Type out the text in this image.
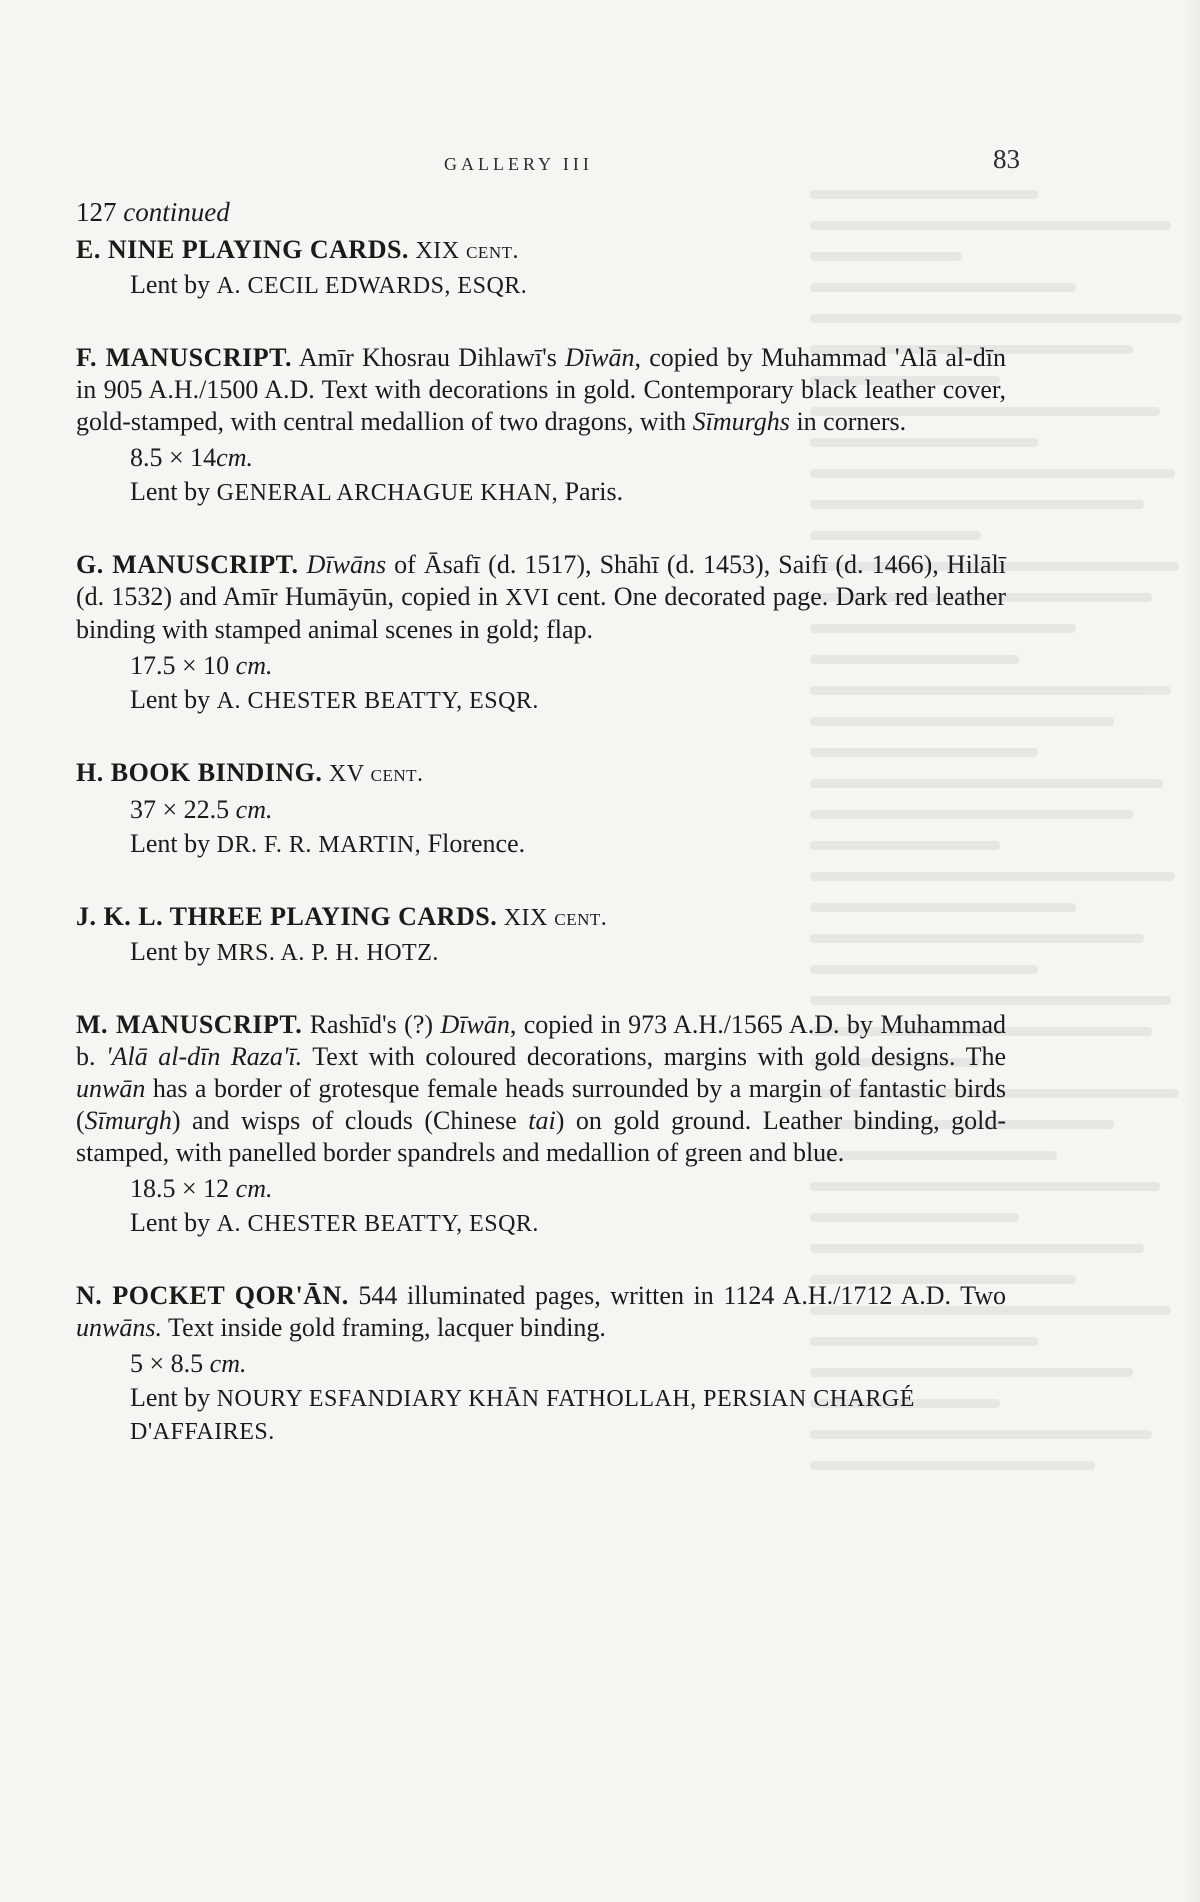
GALLERY III	83

127 continued

E. NINE PLAYING CARDS. XIX cent.

Lent by A. CECIL EDWARDS, ESQR.

F. MANUSCRIPT. Amīr Khosrau Dihlawī's Dīwān, copied by Muhammad 'Alā al-dīn in 905 A.H./1500 A.D. Text with decorations in gold. Contemporary black leather cover, gold-stamped, with central medallion of two dragons, with Sīmurghs in corners.

8.5 × 14cm.

Lent by GENERAL ARCHAGUE KHAN, Paris.

G. MANUSCRIPT. Dīwāns of Āsafī (d. 1517), Shāhī (d. 1453), Saifī (d. 1466), Hilālī (d. 1532) and Amīr Humāyūn, copied in XVI cent. One decorated page. Dark red leather binding with stamped animal scenes in gold; flap.

17.5 × 10 cm.

Lent by A. CHESTER BEATTY, ESQR.

H. BOOK BINDING. XV cent.

37 × 22.5 cm.

Lent by DR. F. R. MARTIN, Florence.

J. K. L. THREE PLAYING CARDS. XIX cent.

Lent by MRS. A. P. H. HOTZ.

M. MANUSCRIPT. Rashīd's (?) Dīwān, copied in 973 A.H./1565 A.D. by Muhammad b. 'Alā al-dīn Raza'ī. Text with coloured decorations, margins with gold designs. The unwān has a border of grotesque female heads surrounded by a margin of fantastic birds (Sīmurgh) and wisps of clouds (Chinese tai) on gold ground. Leather binding, gold-stamped, with panelled border spandrels and medallion of green and blue.

18.5 × 12 cm.

Lent by A. CHESTER BEATTY, ESQR.

N. POCKET QOR'ĀN. 544 illuminated pages, written in 1124 A.H./1712 A.D. Two unwāns. Text inside gold framing, lacquer binding.

5 × 8.5 cm.

Lent by NOURY ESFANDIARY KHĀN FATHOLLAH, PERSIAN CHARGÉ D'AFFAIRES.
